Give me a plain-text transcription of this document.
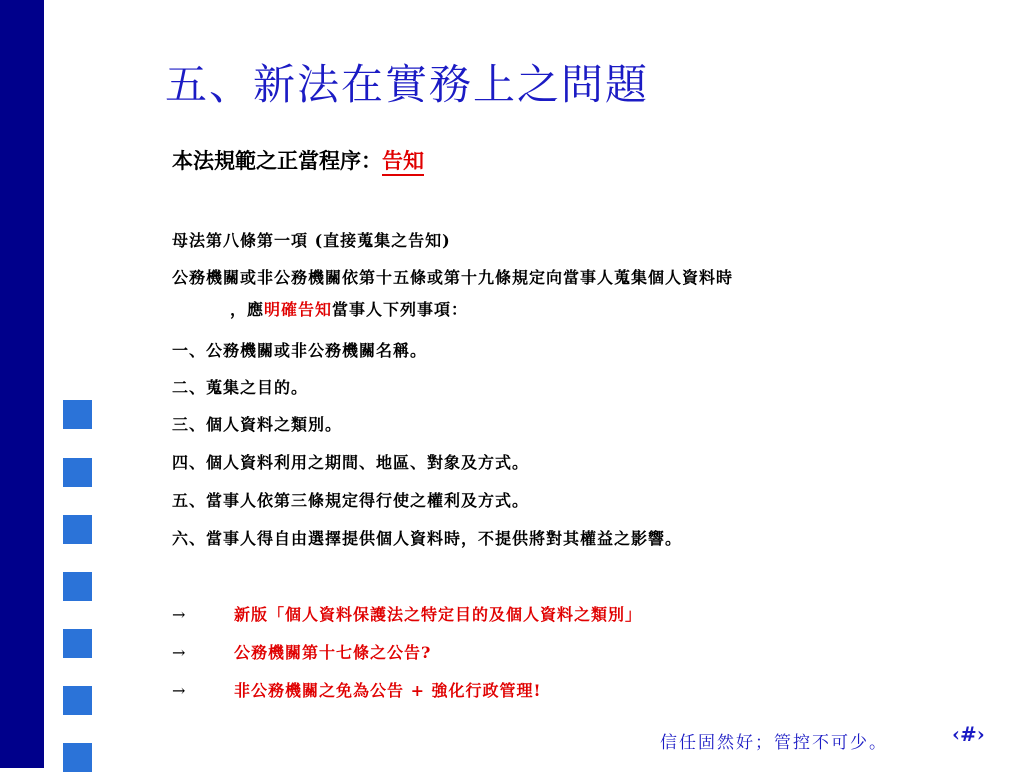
五、新法在實務上之問題
本法規範之正當程序：告知
母法第八條第一項 (直接蒐集之告知)
公務機關或非公務機關依第十五條或第十九條規定向當事人蒐集個人資料時
，應明確告知當事人下列事項：
一、公務機關或非公務機關名稱。
二、蒐集之目的。
三、個人資料之類別。
四、個人資料利用之期間、地區、對象及方式。
五、當事人依第三條規定得行使之權利及方式。
六、當事人得自由選擇提供個人資料時，不提供將對其權益之影響。
→	新版「個人資料保護法之特定目的及個人資料之類別」
→	公務機關第十七條之公告?
→	非公務機關之免為公告 + 強化行政管理!
信任固然好；管控不可少。	‹#›
